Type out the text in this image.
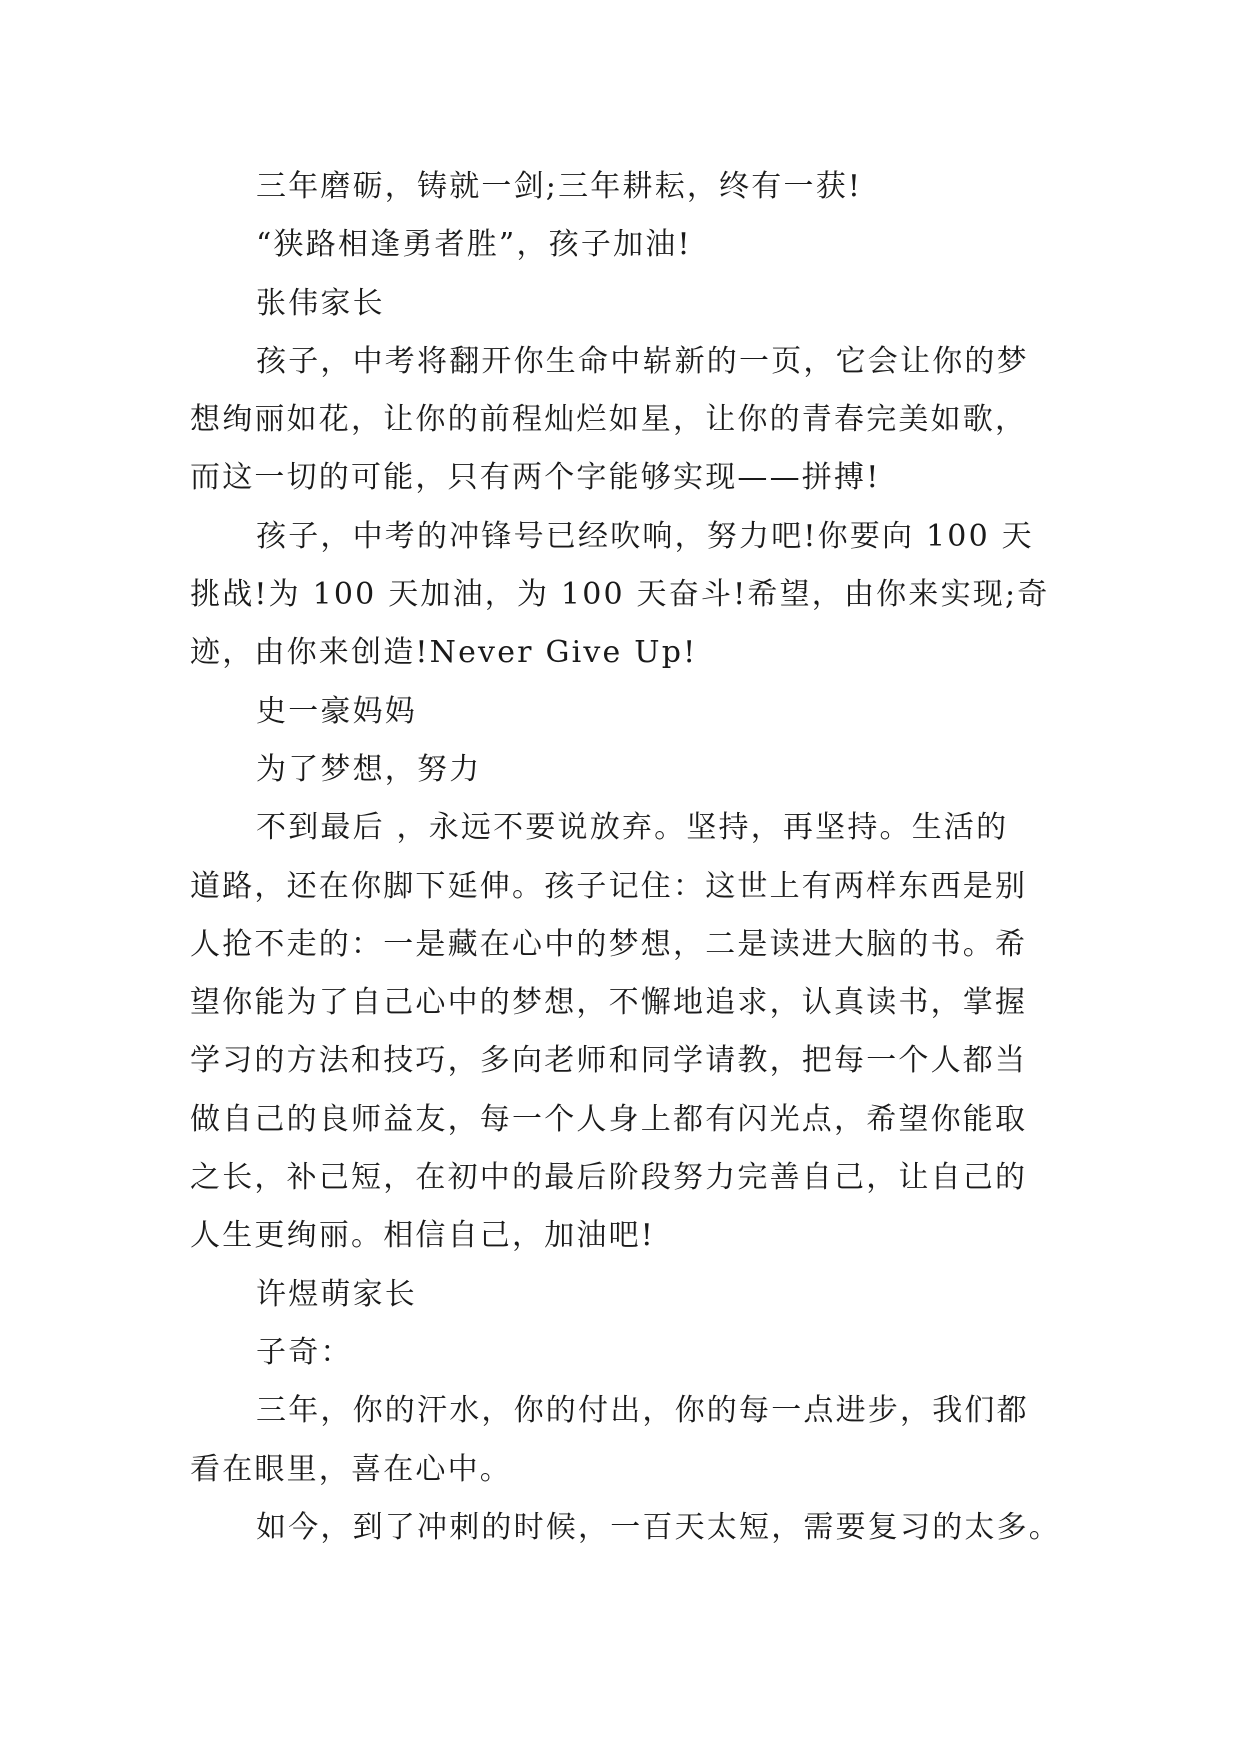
三年磨砺，铸就一剑;三年耕耘，终有一获!
“狭路相逢勇者胜”，孩子加油!
张伟家长
孩子，中考将翻开你生命中崭新的一页，它会让你的梦
想绚丽如花，让你的前程灿烂如星，让你的青春完美如歌，
而这一切的可能，只有两个字能够实现——拼搏!
孩子，中考的冲锋号已经吹响，努力吧!你要向 100 天
挑战!为 100 天加油，为 100 天奋斗!希望，由你来实现;奇
迹，由你来创造!Never Give Up!
史一豪妈妈
为了梦想，努力
不到最后 ，永远不要说放弃。坚持，再坚持。生活的
道路，还在你脚下延伸。孩子记住：这世上有两样东西是别
人抢不走的：一是藏在心中的梦想，二是读进大脑的书。希
望你能为了自己心中的梦想，不懈地追求，认真读书，掌握
学习的方法和技巧，多向老师和同学请教，把每一个人都当
做自己的良师益友，每一个人身上都有闪光点，希望你能取
之长，补己短，在初中的最后阶段努力完善自己，让自己的
人生更绚丽。相信自己，加油吧!
许煜萌家长
子奇：
三年，你的汗水，你的付出，你的每一点进步，我们都
看在眼里，喜在心中。
如今，到了冲刺的时候，一百天太短，需要复习的太多。
